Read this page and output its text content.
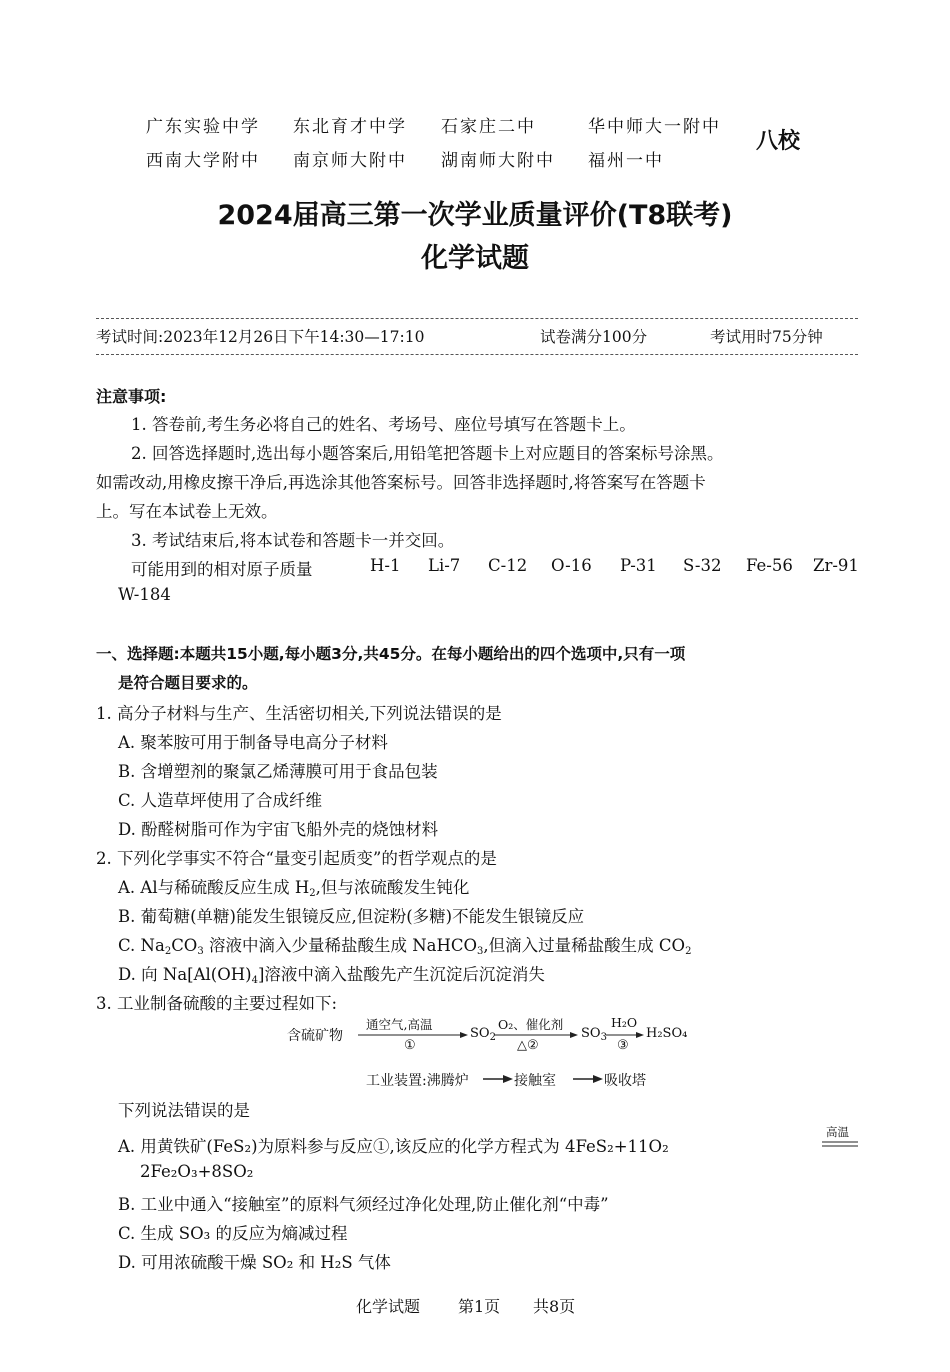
广东实验中学 东北育才中学 石家庄二中	华中师大一附中
西南大学附中 南京师大附中 湖南师大附中 福州一中
八校
2024届高三第一次学业质量评价(T8联考)
化学试题
考试时间:2023年12月26日下午14:30—17:10	试卷满分100分	考试用时75分钟
注意事项:
1. 答卷前,考生务必将自己的姓名、考场号、座位号填写在答题卡上。
2. 回答选择题时,选出每小题答案后,用铅笔把答题卡上对应题目的答案标号涂黑。
如需改动,用橡皮擦干净后,再选涂其他答案标号。回答非选择题时,将答案写在答题卡
上。写在本试卷上无效。
3. 考试结束后,将本试卷和答题卡一并交回。
可能用到的相对原子质量	H-1 Li-7 C-12 O-16 P-31 S-32 Fe-56 Zr-91
W-184
一、选择题:本题共15小题,每小题3分,共45分。在每小题给出的四个选项中,只有一项
是符合题目要求的。
1. 高分子材料与生产、生活密切相关,下列说法错误的是
A. 聚苯胺可用于制备导电高分子材料
B. 含增塑剂的聚氯乙烯薄膜可用于食品包装
C. 人造草坪使用了合成纤维
D. 酚醛树脂可作为宇宙飞船外壳的烧蚀材料
2. 下列化学事实不符合“量变引起质变”的哲学观点的是
A. Al与稀硫酸反应生成 $H_2$,但与浓硫酸发生钝化
B. 葡萄糖(单糖)能发生银镜反应,但淀粉(多糖)不能发生银镜反应
C. $Na_2CO_3$ 溶液中滴入少量稀盐酸生成 NaHCO$_3$,但滴入过量稀盐酸生成 $CO_2$
D. 向 $Na[Al(OH)_4]$溶液中滴入盐酸先产生沉淀后沉淀消失
3. 工业制备硫酸的主要过程如下:
含硫矿物
通空气,高温
①
$SO_2$
O₂、催化剂
△②
$SO_3$
H₂O
③
H₂SO₄
工业装置:沸腾炉	接触室	吸收塔
下列说法错误的是
A. 用黄铁矿(FeS₂)为原料参与反应①,该反应的化学方程式为 4FeS₂+11O₂
高温
2Fe₂O₃+8SO₂
B. 工业中通入“接触室”的原料气须经过净化处理,防止催化剂“中毒”
C. 生成 SO₃ 的反应为熵减过程
D. 可用浓硫酸干燥 SO₂ 和 H₂S 气体
化学试题 第1页 共8页
